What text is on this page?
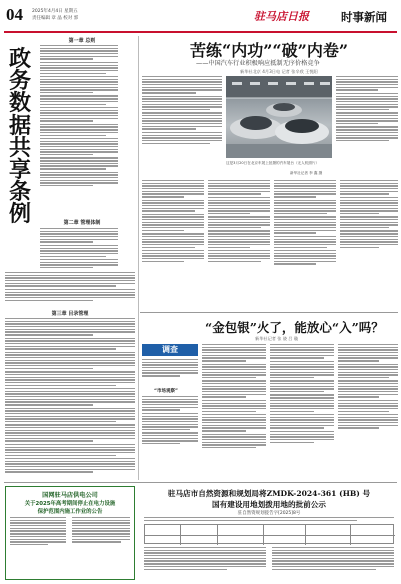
04 2025年4月4日 星期五
责任编辑 章 晶 校对 郭	驻马店日报	时事新闻
第一章 总则
政
务
数
据
共
享
条
例	第二章 管理体制
第三章 目录管理
苦练“内功”“破”内卷”
——中国汽车行业积极响应抵制无序价格竞争
新华社北京 4月3日电 记者 张辛欣 王悦阳
这是3月20日在北京车展上拍摄的汽车展台（无人机照片）
新华社记者 李 鑫 摄
“金包银”火了，能放心“入”吗？
新华社记者 张 骁 吕 璇
调查
“市场观察”
国网驻马店供电公司
关于2025年高考期间停止在电力设施
保护范围内施工作业的公告
驻马店市自然资源和规划局将ZMDK-2024-361 (HB) 号
国有建设用地划拨用地的批前公示
驻自然资规划拨告字[2025]8号
